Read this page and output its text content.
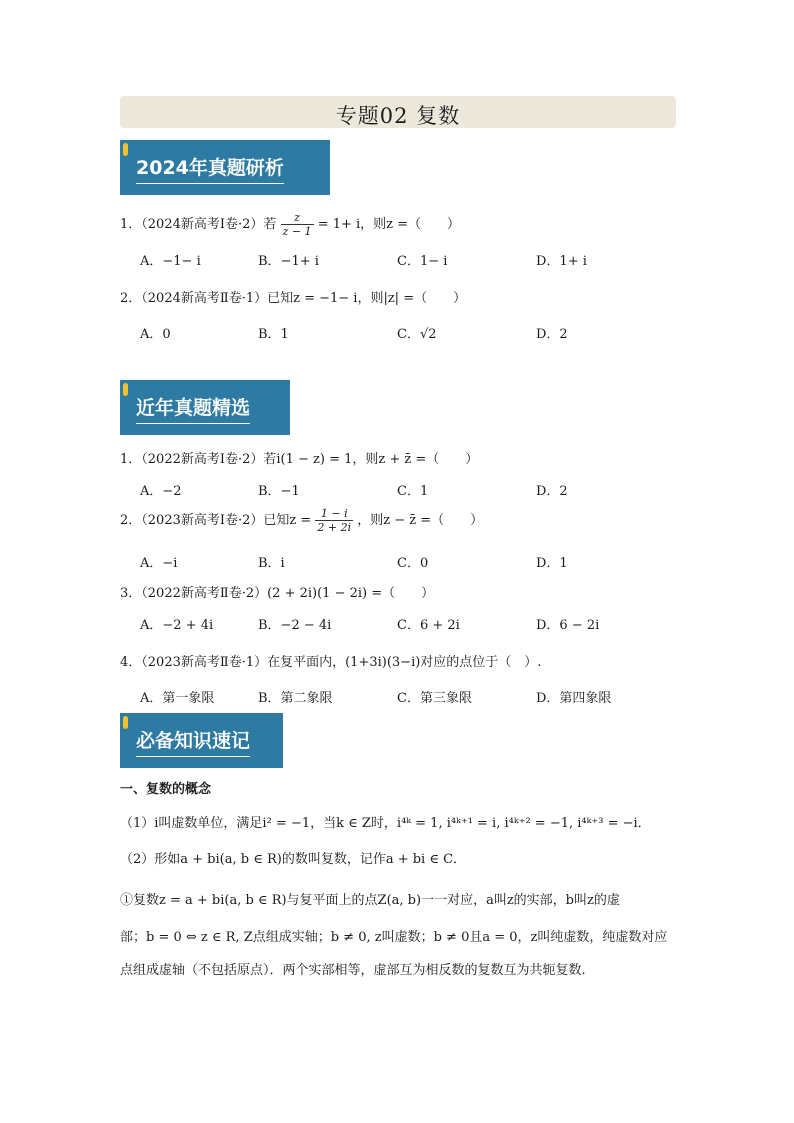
专题02 复数
2024年真题研析
1．（2024新高考Ⅰ卷·2）若 $\frac{z}{z - 1} = 1+ i$，则z =（　　）
A．−1− i	B．−1+ i	C．1− i	D．1+ i
2．（2024新高考Ⅱ卷·1）已知z = −1− i，则|z| =（　　）
A．0	B．1	C．√2	D．2
近年真题精选
1．（2022新高考Ⅰ卷·2）若i(1 − z) = 1，则z + z̄ =（　　）
A．−2	B．−1	C．1	D．2
2．（2023新高考Ⅰ卷·2）已知$z = \frac{1 - i}{2 + 2i}$ ，则z − z̄ =（　　）
A．−i	B．i	C．0	D．1
3．（2022新高考Ⅱ卷·2）(2 + 2i)(1 − 2i) =（　　）
A．−2 + 4i	B．−2 − 4i	C．6 + 2i	D．6 − 2i
4．（2023新高考Ⅱ卷·1）在复平面内，(1+3i)(3−i)对应的点位于（　）.
A．第一象限	B．第二象限	C．第三象限	D．第四象限
必备知识速记
一、复数的概念
（1）i叫虚数单位，满足i² = −1，当k ∈ Z时，i⁴ᵏ = 1, i⁴ᵏ⁺¹ = i, i⁴ᵏ⁺² = −1, i⁴ᵏ⁺³ = −i．
（2）形如a + bi(a, b ∈ R)的数叫复数，记作a + bi ∈ C．
①复数z = a + bi(a, b ∈ R)与复平面上的点Z(a, b)一一对应，a叫z的实部，b叫z的虚
部；b = 0 ⇔ z ∈ R, Z点组成实轴；b ≠ 0, z叫虚数；b ≠ 0且a = 0，z叫纯虚数，纯虚数对应
点组成虚轴（不包括原点）．两个实部相等，虚部互为相反数的复数互为共轭复数．
